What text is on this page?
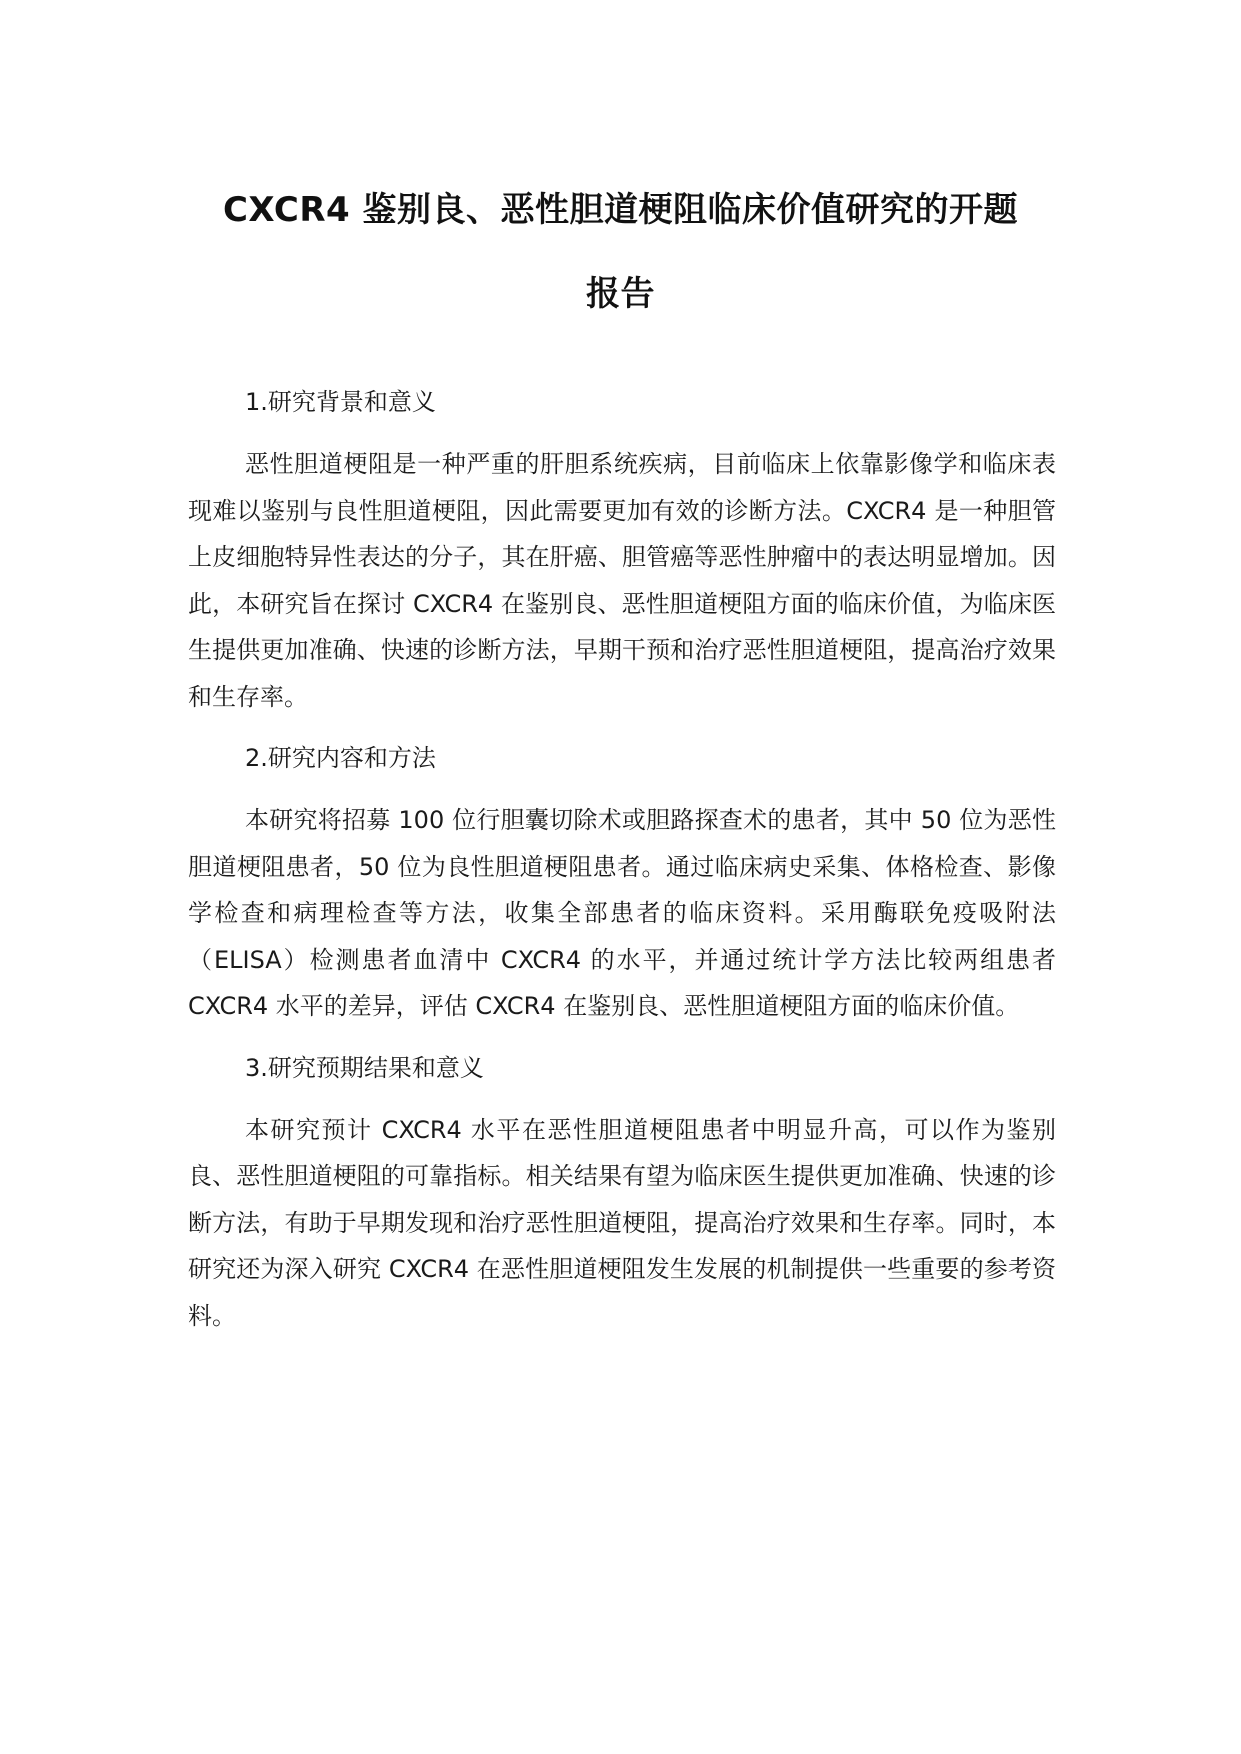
CXCR4 鉴别良、恶性胆道梗阻临床价值研究的开题
报告
1.研究背景和意义
恶性胆道梗阻是一种严重的肝胆系统疾病，目前临床上依靠影像学和临床表现难以鉴别与良性胆道梗阻，因此需要更加有效的诊断方法。CXCR4 是一种胆管上皮细胞特异性表达的分子，其在肝癌、胆管癌等恶性肿瘤中的表达明显增加。因此，本研究旨在探讨 CXCR4 在鉴别良、恶性胆道梗阻方面的临床价值，为临床医生提供更加准确、快速的诊断方法，早期干预和治疗恶性胆道梗阻，提高治疗效果和生存率。
2.研究内容和方法
本研究将招募 100 位行胆囊切除术或胆路探查术的患者，其中 50 位为恶性胆道梗阻患者，50 位为良性胆道梗阻患者。通过临床病史采集、体格检查、影像学检查和病理检查等方法，收集全部患者的临床资料。采用酶联免疫吸附法（ELISA）检测患者血清中 CXCR4 的水平，并通过统计学方法比较两组患者 CXCR4 水平的差异，评估 CXCR4 在鉴别良、恶性胆道梗阻方面的临床价值。
3.研究预期结果和意义
本研究预计 CXCR4 水平在恶性胆道梗阻患者中明显升高，可以作为鉴别良、恶性胆道梗阻的可靠指标。相关结果有望为临床医生提供更加准确、快速的诊断方法，有助于早期发现和治疗恶性胆道梗阻，提高治疗效果和生存率。同时，本研究还为深入研究 CXCR4 在恶性胆道梗阻发生发展的机制提供一些重要的参考资料。
